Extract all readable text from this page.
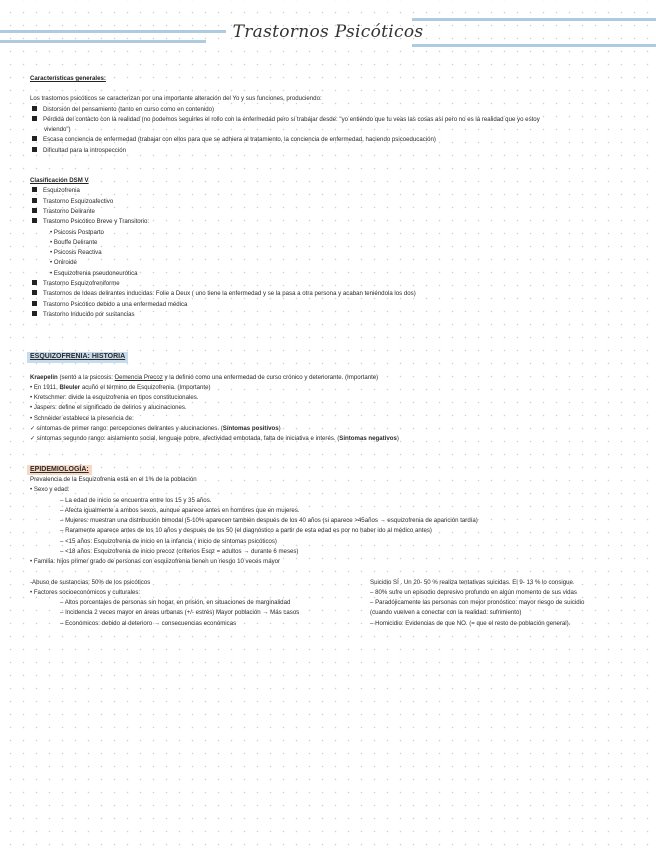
Trastornos Psicóticos

Características generales:

Los trastornos psicóticos se caracterizan por una importante alteración del Yo y sus funciones, produciendo:

Distorsión del pensamiento (tanto en curso como en contenido)

Pérdida del contacto con la realidad (no podemos seguirles el rollo con la enfermedad pero sí trabajar desde: "yo entiendo que tu veas las cosas así pero no es la realidad que yo estoy

viviendo")

Escasa conciencia de enfermedad (trabajar con ellos para que se adhiera al tratamiento, la conciencia de enfermedad, haciendo psicoeducación)

Dificultad para la introspección

Clasificación DSM V

Esquizofrenia

Trastorno Esquizoafectivo

Trastorno Delirante

Trastorno Psicótico Breve y Transitorio:

• Psicosis Postparto

• Bouffe Delirante

• Psicosis Reactiva

• Oniroide

• Esquizofrenia pseudoneurótica

Trastorno Esquizofreniforme

Trastornos de Ideas delirantes inducidas: Folie a Deux ( uno tiene la enfermedad y se la pasa a otra persona y acaban teniéndola los dos)

Trastorno Psicótico debido a una enfermedad médica

Trastorno Inducido por sustancias

ESQUIZOFRENIA: HISTORIA

Kraepelin (sentó a la psicosis: Demencia Precoz y la definió como una enfermedad de curso crónico y deteriorante. (Importante)

• En 1911, Bleuler acuñó el término de Esquizofrenia. (Importante)

• Kretschmer: divide la esquizofrenia en tipos constitucionales.

• Jaspers: define el significado de delirios y alucinaciones.

• Schneider establece la presencia de:

✓ síntomas de primer rango: percepciones delirantes y alucinaciones. (Síntomas positivos)

✓ síntomas segundo rango: aislamiento social, lenguaje pobre, afectividad embotada, falta de iniciativa e interés. (Síntomas negativos)

EPIDEMIOLOGÍA:

Prevalencia de la Esquizofrenia está en el 1% de la población

• Sexo y edad:

– La edad de inicio se encuentra entre los 15 y 35 años.

– Afecta igualmente a ambos sexos, aunque aparece antes en hombres que en mujeres.

– Mujeres: muestran una distribución bimodal (5-10% aparecen también después de los 40 años (si aparece >45años → esquizofrenia de aparición tardía)

– Raramente aparece antes de los 10 años y después de los 50 (el diagnóstico a partir de esta edad es por no haber ido al médico antes)

– <15 años: Esquizofrenia de inicio en la infancia ( inicio de síntomas psicóticos)

– <18 años: Esquizofrenia de inicio precoz (criterios Esqz = adultos → durante 6 meses)

• Familia: hijos primer grado de personas con esquizofrenia tienen un riesgo 10 veces mayor

-Abuso de sustancias: 50% de los psicóticos

• Factores socioeconómicos y culturales:

– Altos porcentajes de personas sin hogar, en prisión, en situaciones de marginalidad

– Incidencia 2 veces mayor en áreas urbanas (+/- estrés) Mayor población → Más casos

– Económicos: debido al deterioro → consecuencias económicas

Suicidio SÍ . Un 20- 50 % realiza tentativas suicidas. El 9- 13 % lo consigue.

– 80% sufre un episodio depresivo profundo en algún momento de sus vidas

– Paradójicamente las personas con mejor pronóstico: mayor riesgo de suicidio

(cuando vuelven a conectar con la realidad: sufrimiento)

– Homicidio: Evidencias de que NO. (= que el resto de población general).
